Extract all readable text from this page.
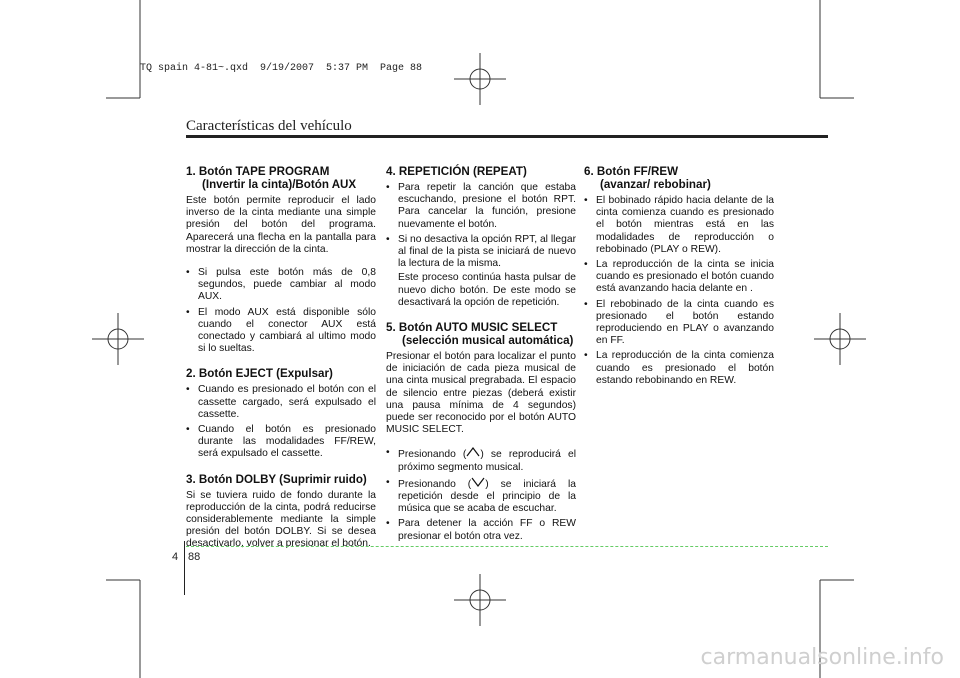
TQ spain 4-81~.qxd  9/19/2007  5:37 PM  Page 88
Características del vehículo
1. Botón TAPE PROGRAM
(Invertir la cinta)/Botón AUX

Este botón permite reproducir el lado inverso de la cinta mediante una simple presión del botón del programa. Aparecerá una flecha en la pantalla para mostrar la dirección de la cinta.

• Si pulsa este botón más de 0,8 segundos, puede cambiar al modo AUX.
• El modo AUX está disponible sólo cuando el conector AUX está conectado y cambiará al ultimo modo si lo sueltas.
2. Botón EJECT (Expulsar)
• Cuando es presionado el botón con el cassette cargado, será expulsado el cassette.
• Cuando el botón es presionado durante las modalidades FF/REW, será expulsado el cassette.
3. Botón DOLBY (Suprimir ruido)

Si se tuviera ruido de fondo durante la reproducción de la cinta, podrá reducirse considerablemente mediante la simple presión del botón DOLBY. Si se desea desactivarlo, volver a presionar el botón.

4. REPETICIÓN (REPEAT)
• Para repetir la canción que estaba escuchando, presione el botón RPT. Para cancelar la función, presione nuevamente el botón.
• Si no desactiva la opción RPT, al llegar al final de la pista se iniciará de nuevo la lectura de la misma.
Este proceso continúa hasta pulsar de nuevo dicho botón. De este modo se desactivará la opción de repetición.
5. Botón AUTO MUSIC SELECT
(selección musical automática)

Presionar el botón para localizar el punto de iniciación de cada pieza musical de una cinta musical pregrabada. El espacio de silencio entre piezas (deberá existir una pausa mínima de 4 segundos) puede ser reconocido por el botón AUTO MUSIC SELECT.

• Presionando ( ) se reproducirá el próximo segmento musical.
• Presionando ( ) se iniciará la repetición desde el principio de la música que se acaba de escuchar.
• Para detener la acción FF o REW presionar el botón otra vez.
6. Botón FF/REW
(avanzar/ rebobinar)
• El bobinado rápido hacia delante de la cinta comienza cuando es presionado el botón mientras está en las modalidades de reproducción o rebobinado (PLAY o REW).
• La reproducción de la cinta se inicia cuando es presionado el botón cuando está avanzando hacia delante en .
• El rebobinado de la cinta cuando es presionado el botón estando reproduciendo en PLAY o avanzando en FF.
• La reproducción de la cinta comienza cuando es presionado el botón estando rebobinando en REW.
4 88
carmanualsonline.info
